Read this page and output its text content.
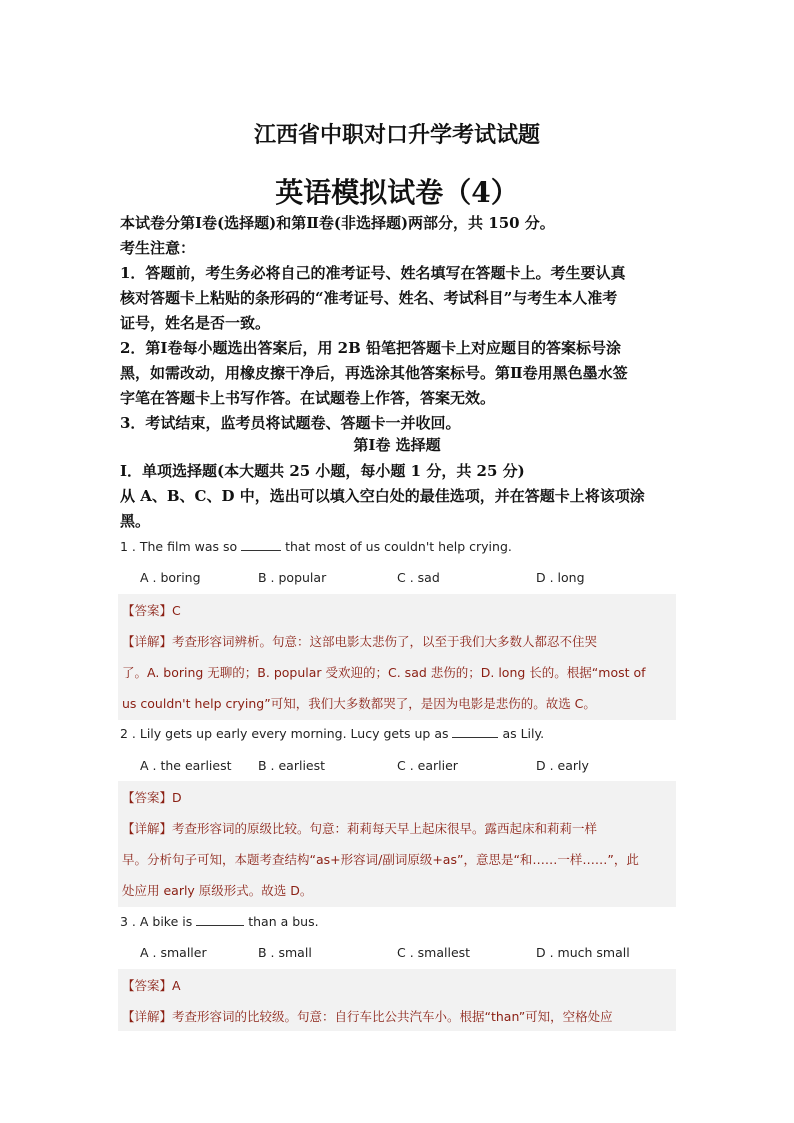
江西省中职对口升学考试试题
英语模拟试卷（4）
本试卷分第Ⅰ卷(选择题)和第Ⅱ卷(非选择题)两部分，共 150 分。
考生注意：
1．答题前，考生务必将自己的准考证号、姓名填写在答题卡上。考生要认真
核对答题卡上粘贴的条形码的“准考证号、姓名、考试科目”与考生本人准考
证号，姓名是否一致。
2．第Ⅰ卷每小题选出答案后，用 2B 铅笔把答题卡上对应题目的答案标号涂
黑，如需改动，用橡皮擦干净后，再选涂其他答案标号。第Ⅱ卷用黑色墨水签
字笔在答题卡上书写作答。在试题卷上作答，答案无效。
3．考试结束，监考员将试题卷、答题卡一并收回。
第Ⅰ卷 选择题
Ⅰ．单项选择题(本大题共 25 小题，每小题 1 分，共 25 分)
从 A、B、C、D 中，选出可以填入空白处的最佳选项，并在答题卡上将该项涂
黑。
1 . The film was so	that most of us couldn't help crying.
A . boring	B . popular	C . sad	D . long
【答案】C
【详解】考查形容词辨析。句意：这部电影太悲伤了，以至于我们大多数人都忍不住哭
了。A. boring 无聊的；B. popular 受欢迎的；C. sad 悲伤的；D. long 长的。根据“most of
us couldn't help crying”可知，我们大多数都哭了，是因为电影是悲伤的。故选 C。
2 . Lily gets up early every morning. Lucy gets up as	as Lily.
A . the earliest B . earliest	C . earlier	D . early
【答案】D
【详解】考查形容词的原级比较。句意：莉莉每天早上起床很早。露西起床和莉莉一样
早。分析句子可知，本题考查结构“as+形容词/副词原级+as”，意思是“和……一样……”，此
处应用 early 原级形式。故选 D。
3 . A bike is	than a bus.
A . smaller	B . small	C . smallest	D . much small
【答案】A
【详解】考查形容词的比较级。句意：自行车比公共汽车小。根据“than”可知，空格处应
